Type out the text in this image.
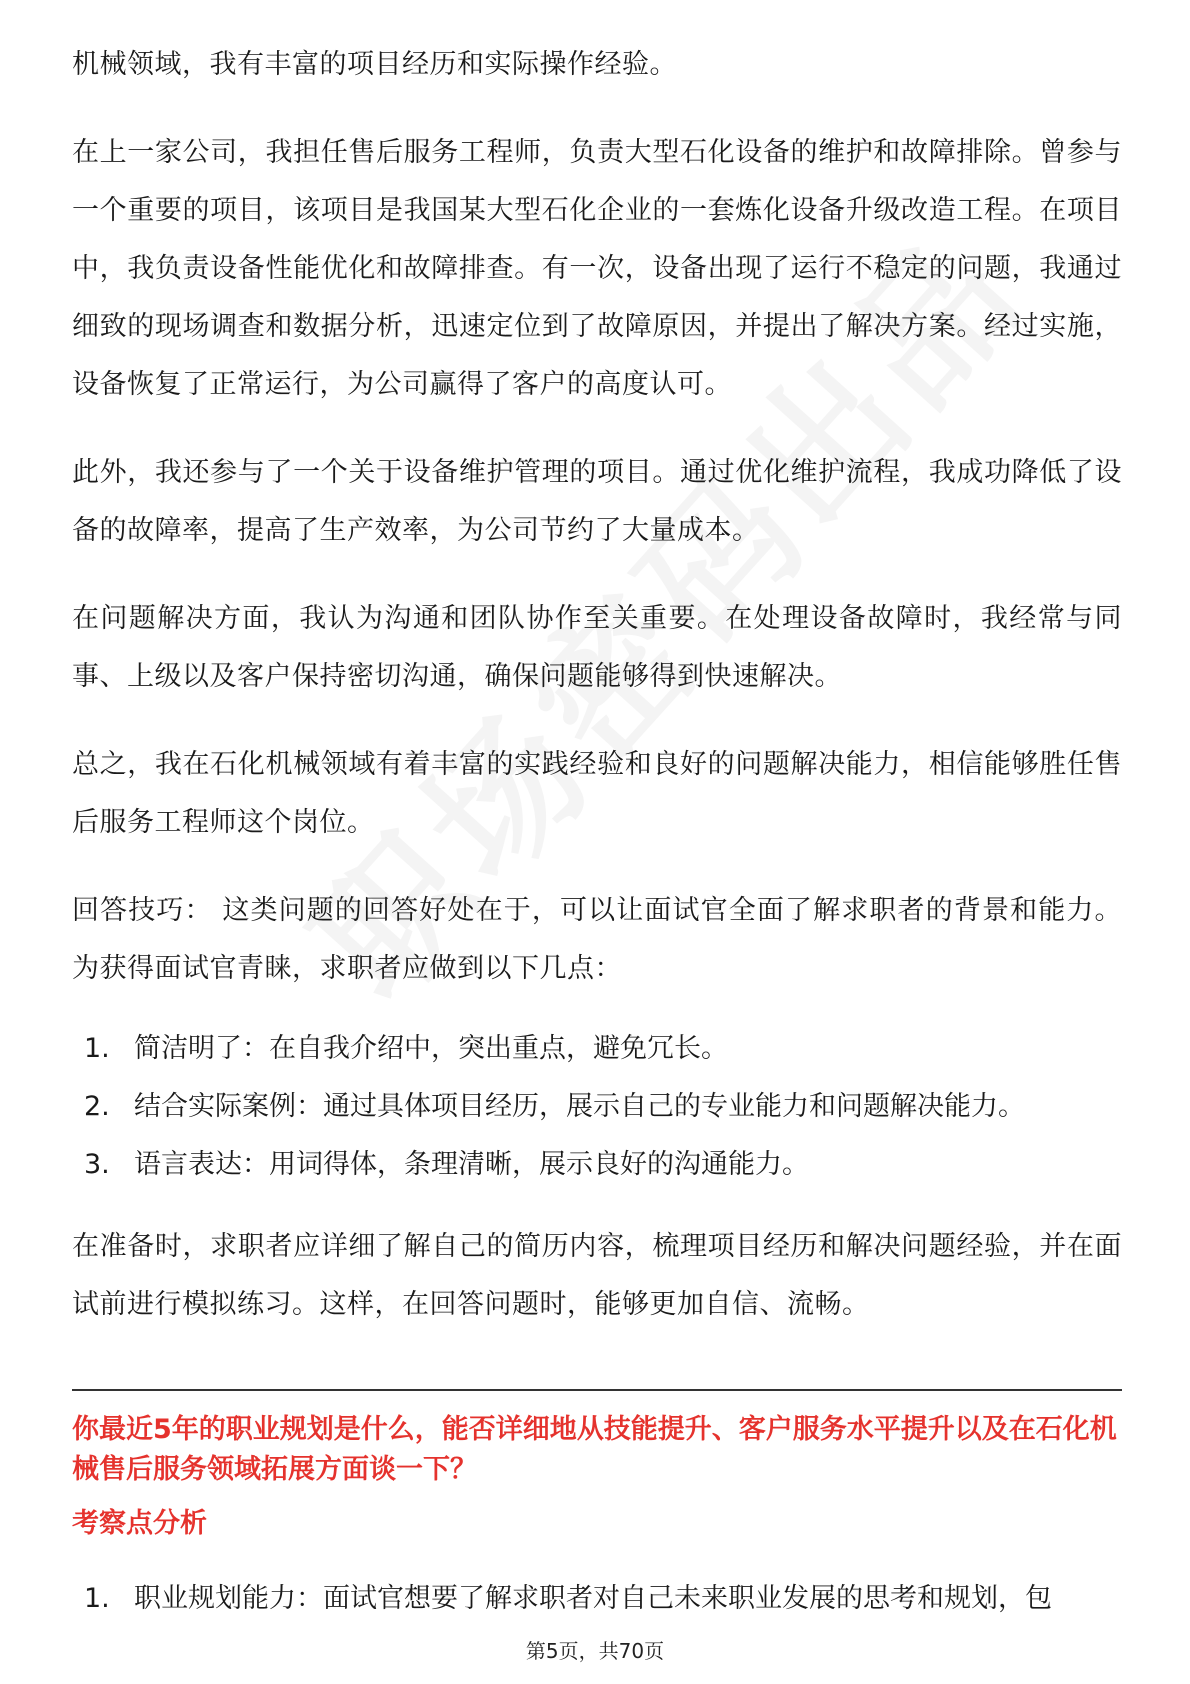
机械领域，我有丰富的项目经历和实际操作经验。

在上一家公司，我担任售后服务工程师，负责大型石化设备的维护和故障排除。曾参与一个重要的项目，该项目是我国某大型石化企业的一套炼化设备升级改造工程。在项目中，我负责设备性能优化和故障排查。有一次，设备出现了运行不稳定的问题，我通过细致的现场调查和数据分析，迅速定位到了故障原因，并提出了解决方案。经过实施，设备恢复了正常运行，为公司赢得了客户的高度认可。

此外，我还参与了一个关于设备维护管理的项目。通过优化维护流程，我成功降低了设备的故障率，提高了生产效率，为公司节约了大量成本。

在问题解决方面，我认为沟通和团队协作至关重要。在处理设备故障时，我经常与同事、上级以及客户保持密切沟通，确保问题能够得到快速解决。

总之，我在石化机械领域有着丰富的实践经验和良好的问题解决能力，相信能够胜任售后服务工程师这个岗位。

回答技巧： 这类问题的回答好处在于，可以让面试官全面了解求职者的背景和能力。为获得面试官青睐，求职者应做到以下几点：

1. 简洁明了：在自我介绍中，突出重点，避免冗长。
2. 结合实际案例：通过具体项目经历，展示自己的专业能力和问题解决能力。
3. 语言表达：用词得体，条理清晰，展示良好的沟通能力。

在准备时，求职者应详细了解自己的简历内容，梳理项目经历和解决问题经验，并在面试前进行模拟练习。这样，在回答问题时，能够更加自信、流畅。

你最近5年的职业规划是什么，能否详细地从技能提升、客户服务水平提升以及在石化机械售后服务领域拓展方面谈一下？
考察点分析
1. 职业规划能力：面试官想要了解求职者对自己未来职业发展的思考和规划，包
第5页，共70页
